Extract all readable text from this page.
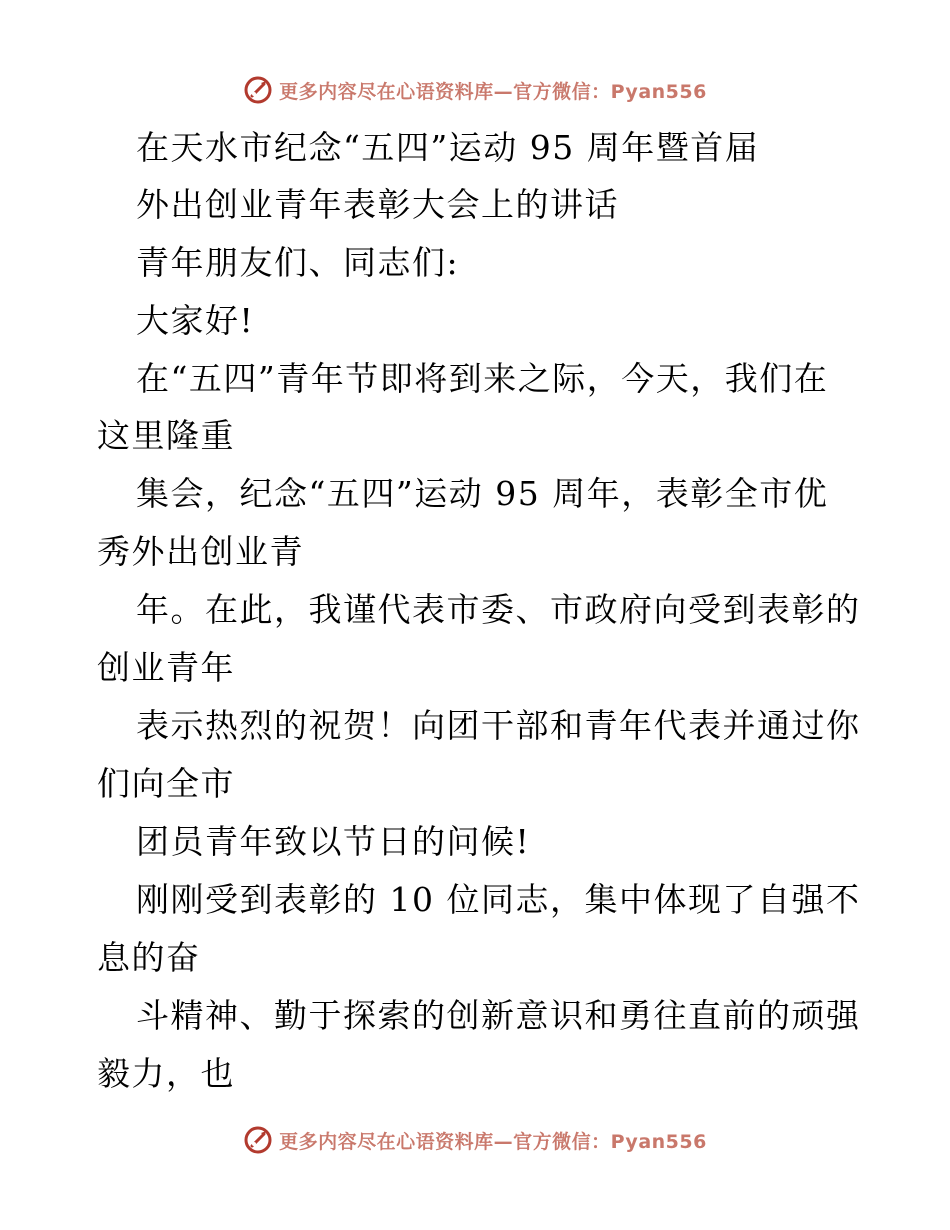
更多内容尽在心语资料库—官方微信：Pyan556
在天水市纪念“五四”运动 95 周年暨首届
外出创业青年表彰大会上的讲话
青年朋友们、同志们:
大家好!
在“五四”青年节即将到来之际，今天，我们在
这里隆重
集会，纪念“五四”运动 95 周年，表彰全市优
秀外出创业青
年。在此，我谨代表市委、市政府向受到表彰的
创业青年
表示热烈的祝贺！向团干部和青年代表并通过你
们向全市
团员青年致以节日的问候!
刚刚受到表彰的 10 位同志，集中体现了自强不
息的奋
斗精神、勤于探索的创新意识和勇往直前的顽强
毅力，也
更多内容尽在心语资料库—官方微信：Pyan556
